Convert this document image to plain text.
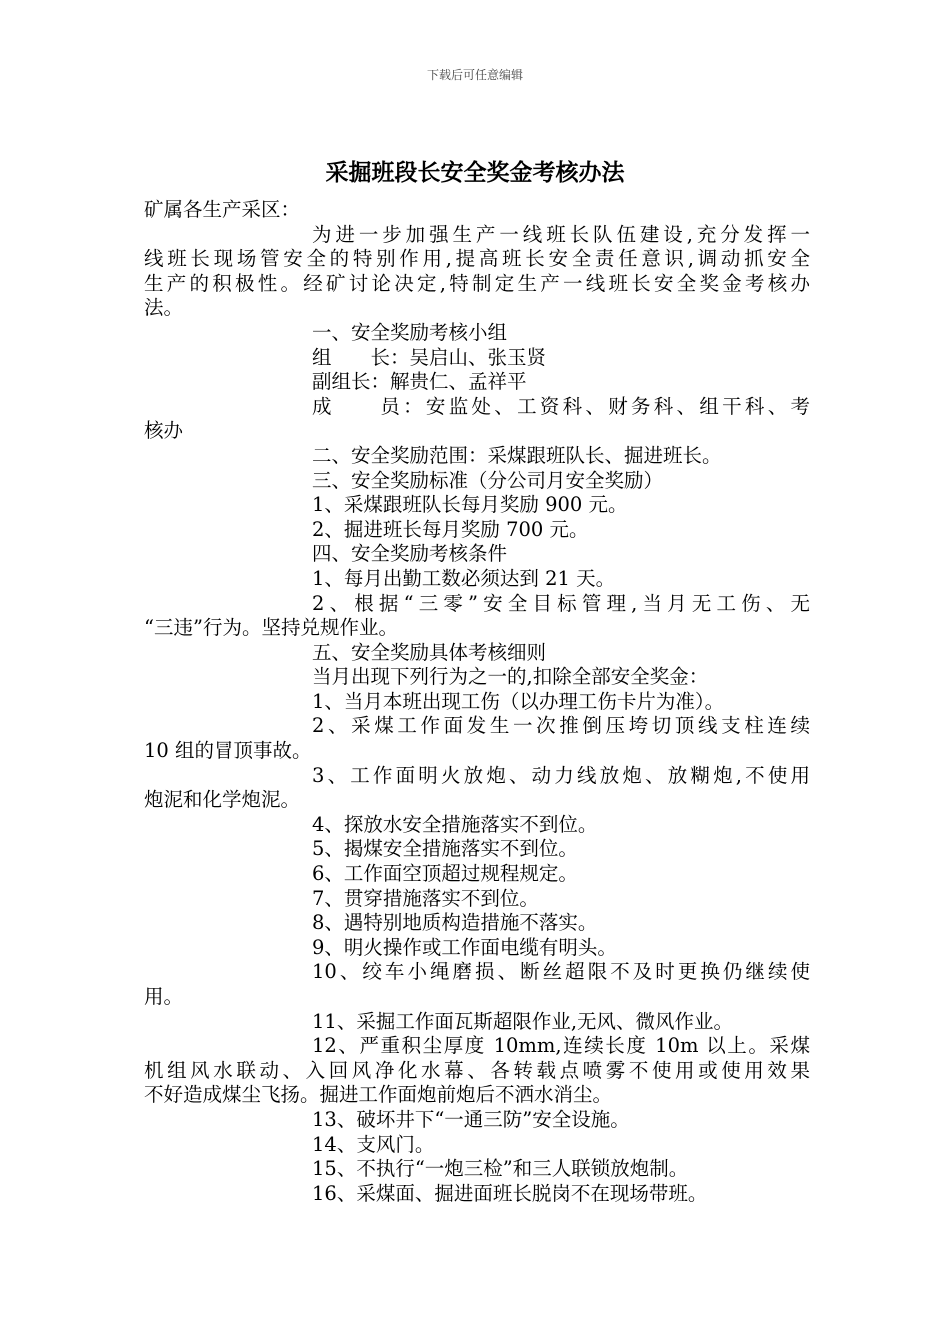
下载后可任意编辑
采掘班段长安全奖金考核办法
矿属各生产采区：
为进一步加强生产一线班长队伍建设,充分发挥一
线班长现场管安全的特别作用,提高班长安全责任意识,调动抓安全
生产的积极性。经矿讨论决定,特制定生产一线班长安全奖金考核办
法。
一、安全奖励考核小组
组　　长：吴启山、张玉贤
副组长：解贵仁、孟祥平
成　　员：安监处、工资科、财务科、组干科、考
核办
二、安全奖励范围：采煤跟班队长、掘进班长。
三、安全奖励标准（分公司月安全奖励）
1、采煤跟班队长每月奖励 900 元。
2、掘进班长每月奖励 700 元。
四、安全奖励考核条件
1、每月出勤工数必须达到 21 天。
2、根据“三零”安全目标管理,当月无工伤、无
“三违”行为。坚持兑规作业。
五、安全奖励具体考核细则
当月出现下列行为之一的,扣除全部安全奖金：
1、当月本班出现工伤（以办理工伤卡片为准）。
2、采煤工作面发生一次推倒压垮切顶线支柱连续
10 组的冒顶事故。
3、工作面明火放炮、动力线放炮、放糊炮,不使用
炮泥和化学炮泥。
4、探放水安全措施落实不到位。
5、揭煤安全措施落实不到位。
6、工作面空顶超过规程规定。
7、贯穿措施落实不到位。
8、遇特别地质构造措施不落实。
9、明火操作或工作面电缆有明头。
10、绞车小绳磨损、断丝超限不及时更换仍继续使
用。
11、采掘工作面瓦斯超限作业,无风、微风作业。
12、严重积尘厚度 10mm,连续长度 10m 以上。采煤
机组风水联动、入回风净化水幕、各转载点喷雾不使用或使用效果
不好造成煤尘飞扬。掘进工作面炮前炮后不洒水消尘。
13、破坏井下“一通三防”安全设施。
14、支风门。
15、不执行“一炮三检”和三人联锁放炮制。
16、采煤面、掘进面班长脱岗不在现场带班。
